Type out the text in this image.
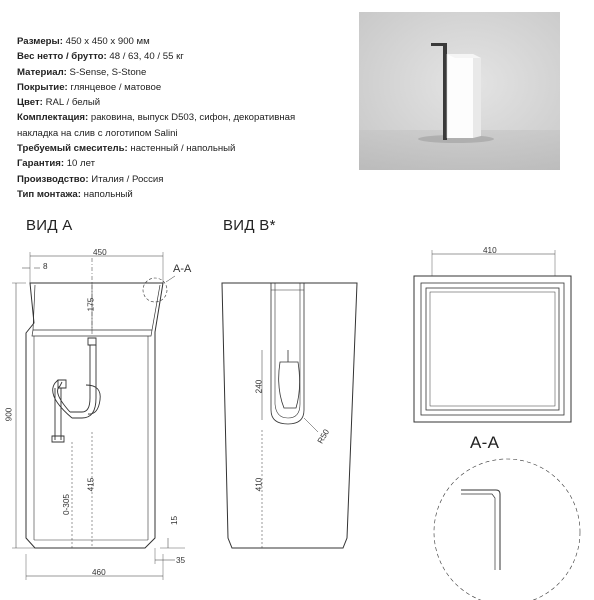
Размеры: 450 х 450 х 900 мм
Вес нетто / брутто: 48 / 63, 40 / 55 кг
Материал: S-Sense, S-Stone
Покрытие: глянцевое / матовое
Цвет: RAL / белый
Комплектация: раковина, выпуск D503, сифон, декоративная
накладка на слив с логотипом Salini
Требуемый смеситель: настенный / напольный
Гарантия: 10 лет
Производство: Италия / Россия
Тип монтажа: напольный
ВИД А	ВИД В*
А-А
450
8
175
900
415
0-305
15
35
460
А-А
240
R50
410
410
